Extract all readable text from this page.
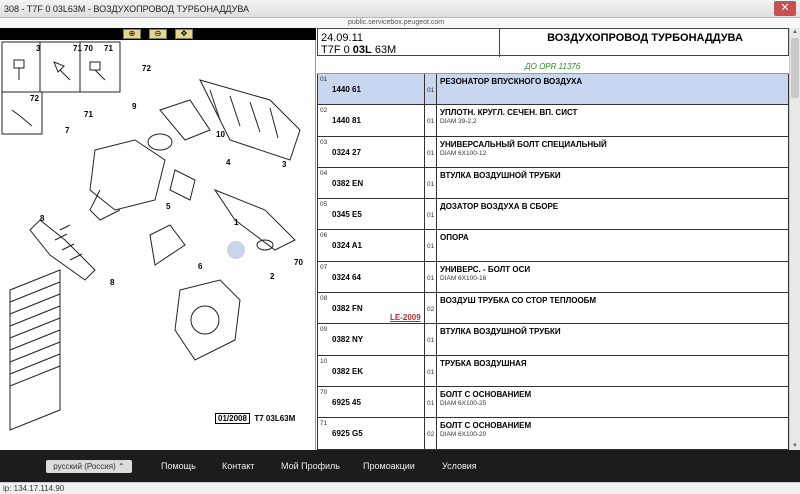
308 - T7F 0 03L63M - ВОЗДУХОПРОВОД ТУРБОНАДДУВА	✕
public.servicebox.peugeot.com
⊕	⊖	✥
3	71 70 71
72
72
71
7
9
10
4	3
1
2
70
5
6
8
8
01/2008 T7 03L63M
24.09.11
T7F 0 03L 63M
ВОЗДУХОПРОВОД ТУРБОНАДДУВА
ДО OPR 11376
01
1440 61	01
РЕЗОНАТОР ВПУСКНОГО ВОЗДУХА
02
1440 81	01
УПЛОТН. КРУГЛ. СЕЧЕН. ВП. СИСТ
DIAM 39-2,2
03
0324 27	01
УНИВЕРСАЛЬНЫЙ БОЛТ СПЕЦИАЛЬНЫЙ
DIAM 6X100-12
04
0382 EN	01
ВТУЛКА ВОЗДУШНОЙ ТРУБКИ
05
0345 E5	01
ДОЗАТОР ВОЗДУХА В СБОРЕ
06
0324 A1	01
ОПОРА
07
0324 64	01
УНИВЕРС. - БОЛТ ОСИ
DIAM 6X100-16
08
0382 FN	02
ВОЗДУШ ТРУБКА СО СТОР ТЕПЛООБМ
LE-2009
09
0382 NY	01
ВТУЛКА ВОЗДУШНОЙ ТРУБКИ
10
0382 EK	01
ТРУБКА ВОЗДУШНАЯ
70
6925 45	01
БОЛТ С ОСНОВАНИЕМ
DIAM 6X100-25
71
6925 G5	02
БОЛТ С ОСНОВАНИЕМ
DIAM 6X100-20
▲
▼
русский (Россия) ⌃	Помощь	Контакт	Мой Профиль	Промоакции	Условия
ip: 134.17.114.90
